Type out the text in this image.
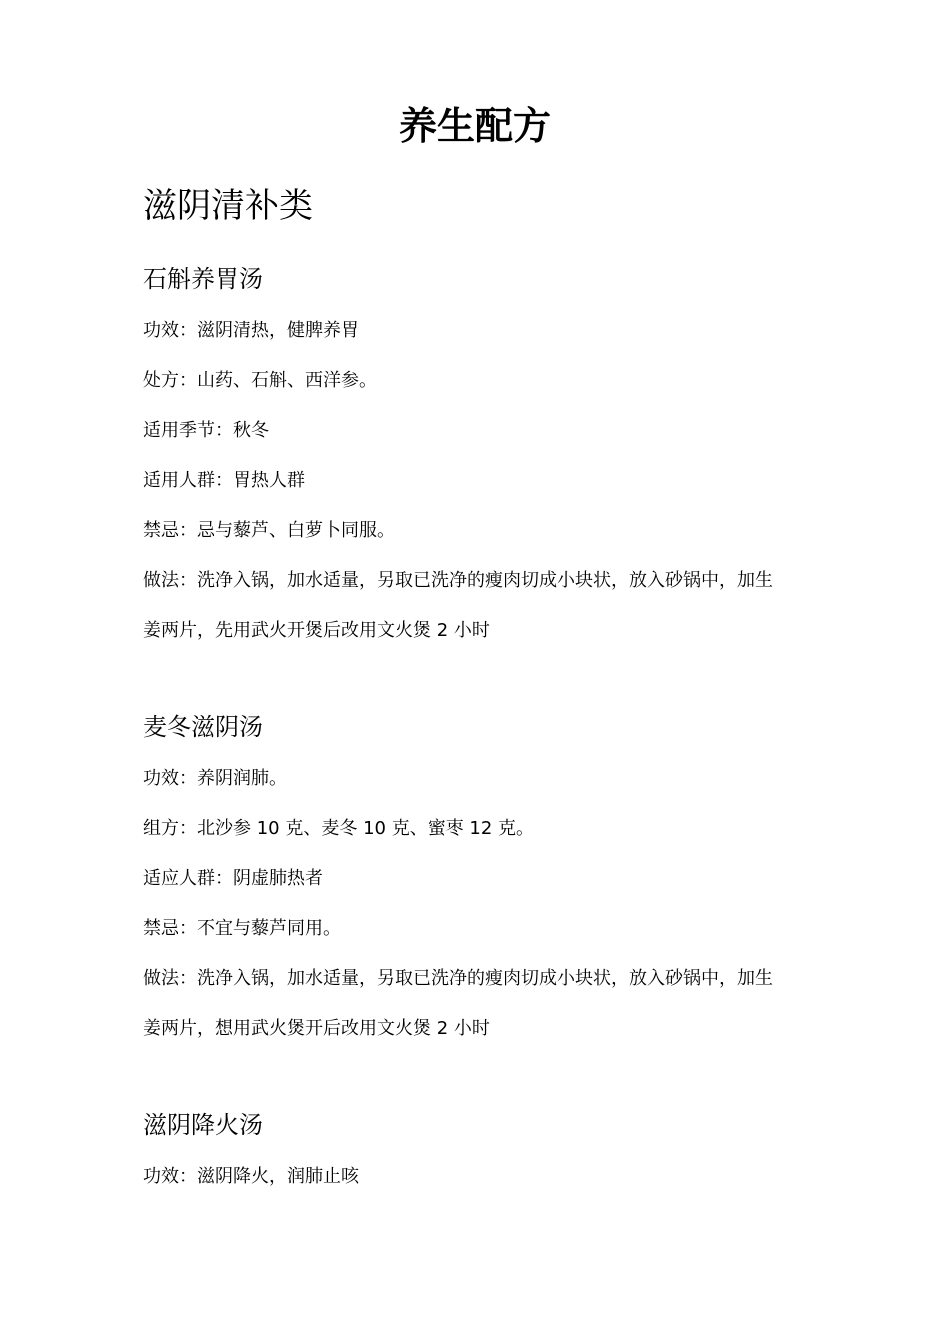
养生配方
滋阴清补类
石斛养胃汤
功效：滋阴清热，健脾养胃
处方：山药、石斛、西洋参。
适用季节：秋冬
适用人群：胃热人群
禁忌：忌与藜芦、白萝卜同服。
做法：洗净入锅，加水适量，另取已洗净的瘦肉切成小块状，放入砂锅中，加生
姜两片，先用武火开煲后改用文火煲 2 小时
麦冬滋阴汤
功效：养阴润肺。
组方：北沙参 10 克、麦冬 10 克、蜜枣 12 克。
适应人群：阴虚肺热者
禁忌：不宜与藜芦同用。
做法：洗净入锅，加水适量，另取已洗净的瘦肉切成小块状，放入砂锅中，加生
姜两片，想用武火煲开后改用文火煲 2 小时
滋阴降火汤
功效：滋阴降火，润肺止咳
